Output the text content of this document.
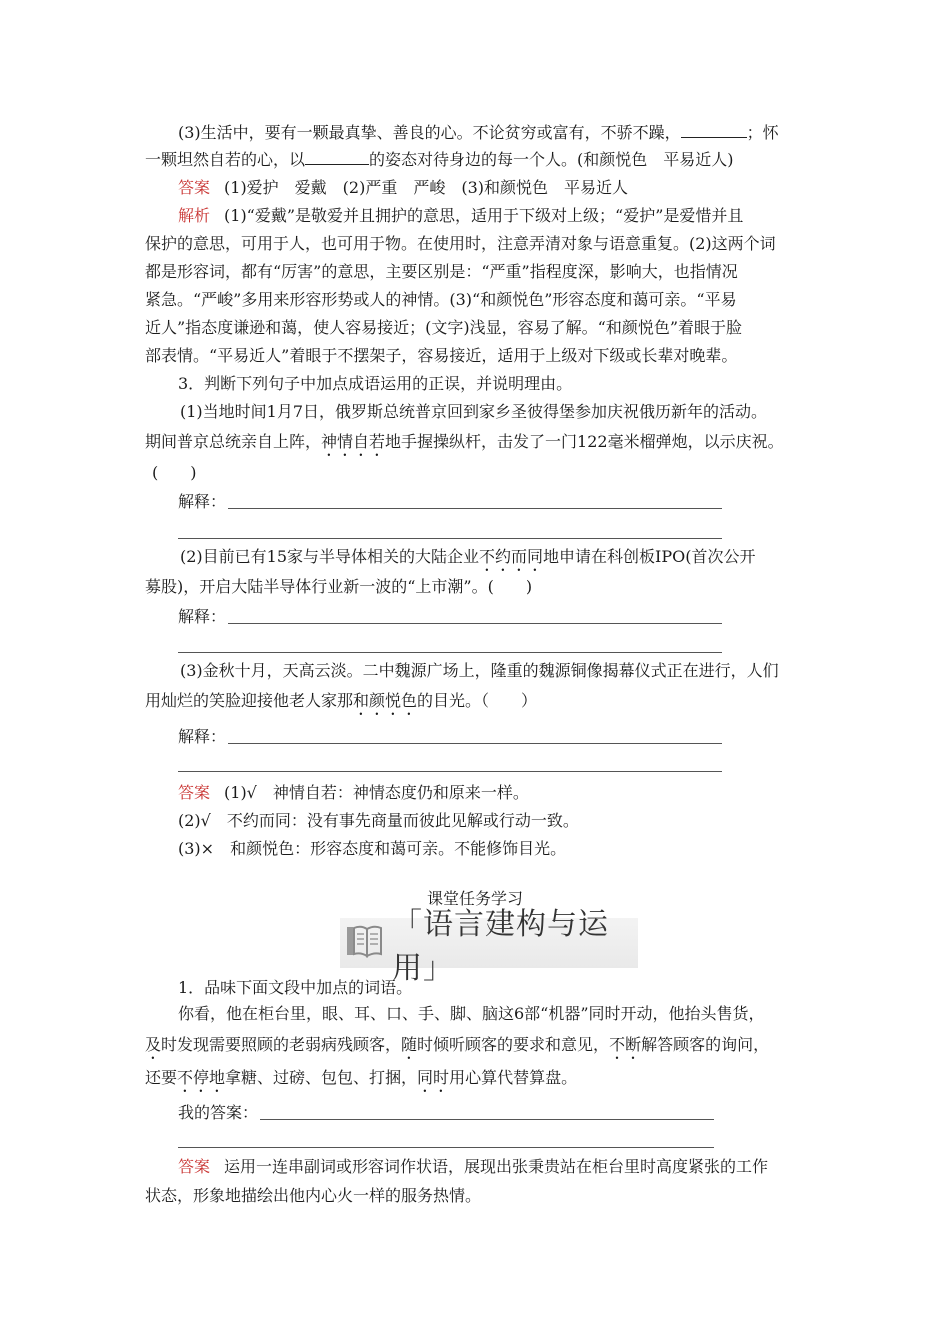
(3)生活中，要有一颗最真挚、善良的心。不论贫穷或富有，不骄不躁，	；怀
一颗坦然自若的心，以	的姿态对待身边的每一个人。(和颜悦色　平易近人)
答案 (1)爱护　爱戴　(2)严重　严峻　(3)和颜悦色　平易近人
解析 (1)“爱戴”是敬爱并且拥护的意思，适用于下级对上级；“爱护”是爱惜并且
保护的意思，可用于人，也可用于物。在使用时，注意弄清对象与语意重复。(2)这两个词
都是形容词，都有“厉害”的意思，主要区别是：“严重”指程度深，影响大，也指情况
紧急。“严峻”多用来形容形势或人的神情。(3)“和颜悦色”形容态度和蔼可亲。“平易
近人”指态度谦逊和蔼，使人容易接近；(文字)浅显，容易了解。“和颜悦色”着眼于脸
部表情。“平易近人”着眼于不摆架子，容易接近，适用于上级对下级或长辈对晚辈。
3．判断下列句子中加点成语运用的正误，并说明理由。
(1)当地时间1月7日，俄罗斯总统普京回到家乡圣彼得堡参加庆祝俄历新年的活动。
期间普京总统亲自上阵，神情自若地手握操纵杆，击发了一门122毫米榴弹炮，以示庆祝。
(　　)
解释：
(2)目前已有15家与半导体相关的大陆企业不约而同地申请在科创板IPO(首次公开
募股)，开启大陆半导体行业新一波的“上市潮”。(　　)
解释：
(3)金秋十月，天高云淡。二中魏源广场上，隆重的魏源铜像揭幕仪式正在进行，人们
用灿烂的笑脸迎接他老人家那和颜悦色的目光。（　　）
解释：
答案 (1)√　神情自若：神情态度仍和原来一样。
(2)√　不约而同：没有事先商量而彼此见解或行动一致。
(3)×　和颜悦色：形容态度和蔼可亲。不能修饰目光。
课堂任务学习
「语言建构与运用」
1．品味下面文段中加点的词语。
你看，他在柜台里，眼、耳、口、手、脚、脑这6部“机器”同时开动，他抬头售货，
及时发现需要照顾的老弱病残顾客，随时倾听顾客的要求和意见，不断解答顾客的询问，
还要不停地拿糖、过磅、包包、打捆，同时用心算代替算盘。
我的答案：
答案 运用一连串副词或形容词作状语，展现出张秉贵站在柜台里时高度紧张的工作
状态，形象地描绘出他内心火一样的服务热情。
